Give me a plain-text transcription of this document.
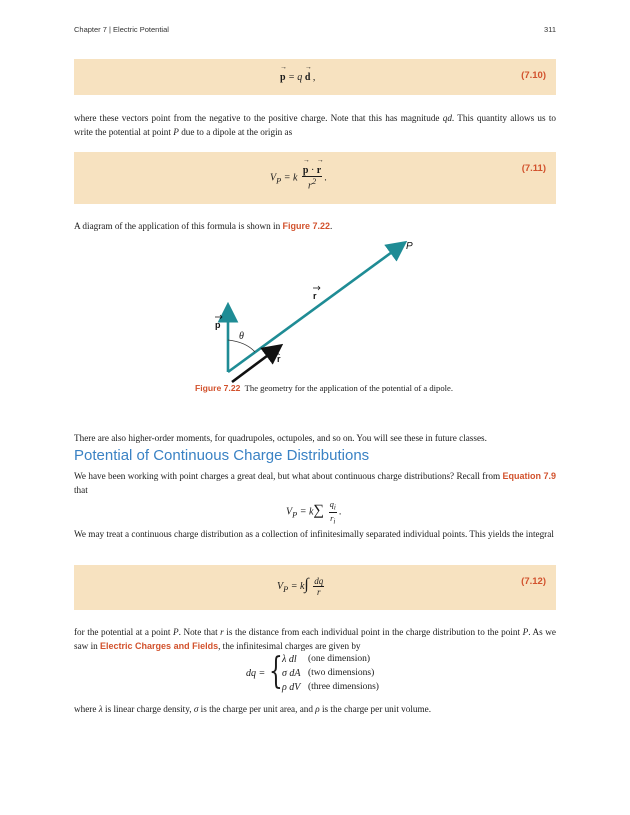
Chapter 7 | Electric Potential	311
→ p = q → d ,	(7.10)
where these vectors point from the negative to the positive charge. Note that this has magnitude qd. This quantity allows us to write the potential at point P due to a dipole at the origin as
$V_P = k$
→ $\frac{p \cdot \to r}{r^2}$ .
(7.11)
A diagram of the application of this formula is shown in Figure 7.22.
P
r
p
θ
r̂
Figure 7.22 The geometry for the application of the potential of a dipole.
There are also higher-order moments, for quadrupoles, octupoles, and so on. You will see these in future classes.
Potential of Continuous Charge Distributions
We have been working with point charges a great deal, but what about continuous charge distributions? Recall from Equation 7.9 that
$V_P = k\sum \frac{q_i}{r_i}$ .
We may treat a continuous charge distribution as a collection of infinitesimally separated individual points. This yields the integral
$V_P = k\int \frac{dq}{r}$	(7.12)
for the potential at a point P. Note that r is the distance from each individual point in the charge distribution to the point P. As we saw in Electric Charges and Fields, the infinitesimal charges are given by
dq = { λ dl (one dimension)
σ dA (two dimensions)
ρ dV (three dimensions)
where λ is linear charge density, σ is the charge per unit area, and ρ is the charge per unit volume.
